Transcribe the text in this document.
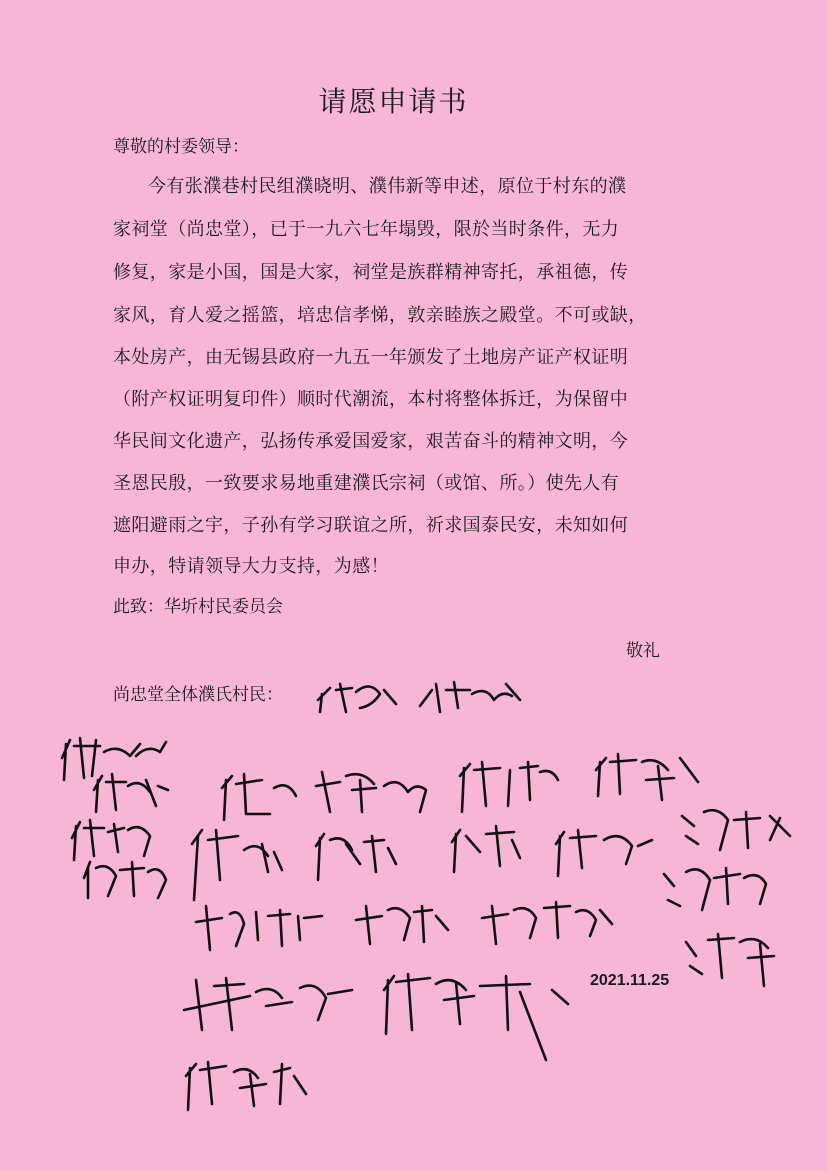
请愿申请书
尊敬的村委领导：
今有张濮巷村民组濮晓明、濮伟新等申述，原位于村东的濮
家祠堂（尚忠堂），已于一九六七年塌毁，限於当时条件，无力
修复，家是小国，国是大家，祠堂是族群精神寄托，承祖德，传
家风，育人爱之摇篮，培忠信孝悌，敦亲睦族之殿堂。不可或缺，
本处房产，由无锡县政府一九五一年颁发了土地房产证产权证明
（附产权证明复印件）顺时代潮流，本村将整体拆迁，为保留中
华民间文化遗产，弘扬传承爱国爱家，艰苦奋斗的精神文明，今
圣恩民殷，一致要求易地重建濮氏宗祠（或馆、所。）使先人有
遮阳避雨之宇，子孙有学习联谊之所，祈求国泰民安，未知如何
申办，特请领导大力支持，为感！
此致：华圻村民委员会
敬礼
尚忠堂全体濮氏村民：
2021.11.25
